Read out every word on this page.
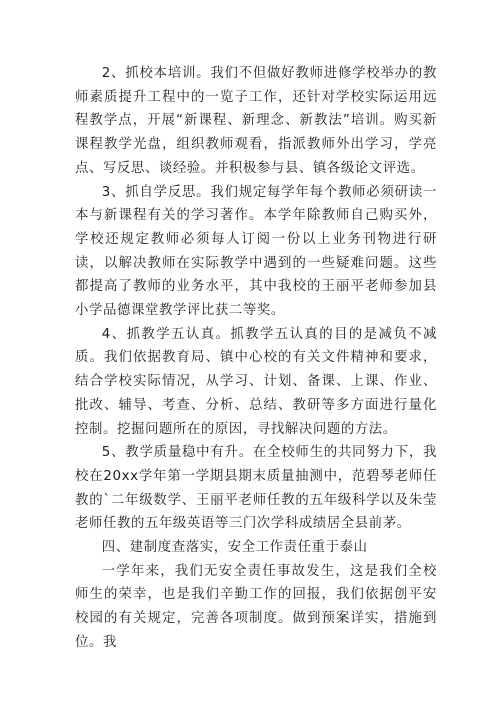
2、抓校本培训。我们不但做好教师进修学校举办的教师素质提升工程中的一览子工作，还针对学校实际运用远程教学点，开展“新课程、新理念、新教法”培训。购买新课程教学光盘，组织教师观看，指派教师外出学习，学亮点、写反思、谈经验。并积极参与县、镇各级论文评选。

3、抓自学反思。我们规定每学年每个教师必须研读一本与新课程有关的学习著作。本学年除教师自己购买外，学校还规定教师必须每人订阅一份以上业务刊物进行研读，以解决教师在实际教学中遇到的一些疑难问题。这些都提高了教师的业务水平，其中我校的王丽平老师参加县小学品德课堂教学评比获二等奖。

4、抓教学五认真。抓教学五认真的目的是减负不减质。我们依据教育局、镇中心校的有关文件精神和要求，结合学校实际情况，从学习、计划、备课、上课、作业、批改、辅导、考查、分析、总结、教研等多方面进行量化控制。挖掘问题所在的原因，寻找解决问题的方法。

5、教学质量稳中有升。在全校师生的共同努力下，我校在20xx学年第一学期县期末质量抽测中，范碧琴老师任教的`二年级数学、王丽平老师任教的五年级科学以及朱莹老师任教的五年级英语等三门次学科成绩居全县前茅。

四、建制度查落实，安全工作责任重于泰山

一学年来，我们无安全责任事故发生，这是我们全校师生的荣幸，也是我们辛勤工作的回报，我们依据创平安校园的有关规定，完善各项制度。做到预案详实，措施到位。我
